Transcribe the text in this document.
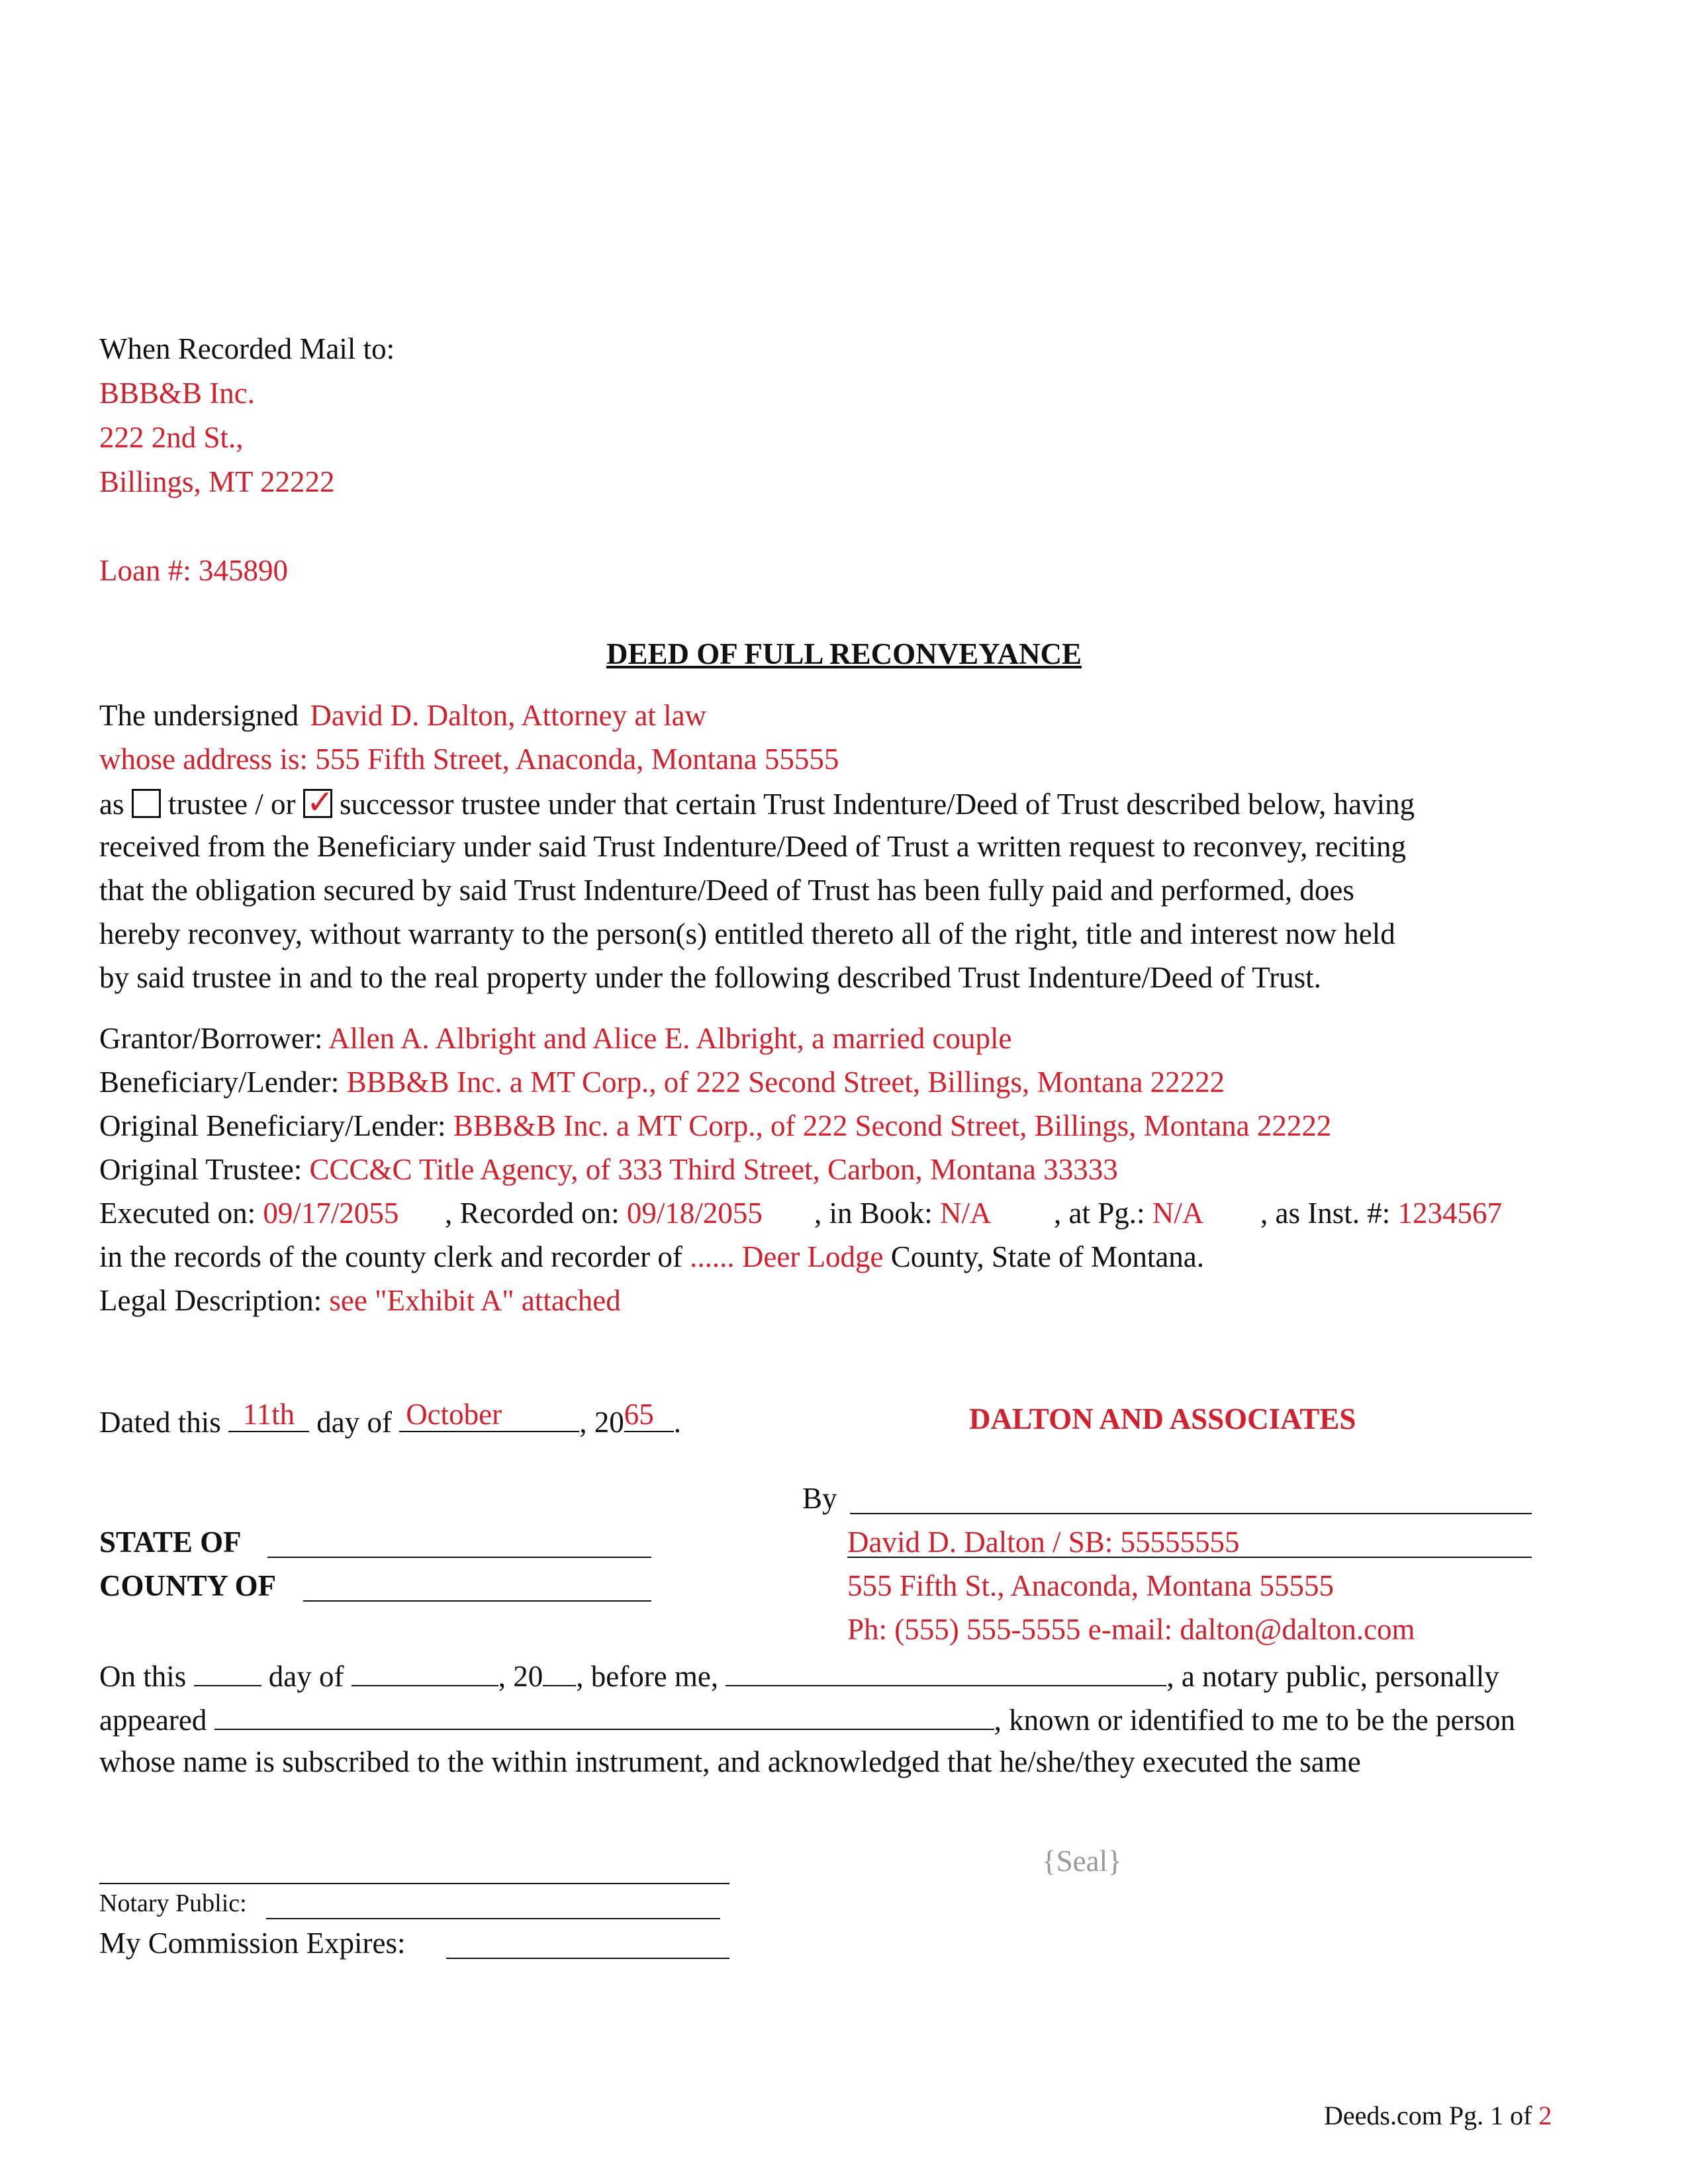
When Recorded Mail to:
BBB&B Inc.
222 2nd St.,
Billings, MT 22222
Loan #: 345890
DEED OF FULL RECONVEYANCE
The undersigned David D. Dalton, Attorney at law
whose address is: 555 Fifth Street, Anaconda, Montana 55555
as trustee / or ✓ successor trustee under that certain Trust Indenture/Deed of Trust described below, having
received from the Beneficiary under said Trust Indenture/Deed of Trust a written request to reconvey, reciting
that the obligation secured by said Trust Indenture/Deed of Trust has been fully paid and performed, does
hereby reconvey, without warranty to the person(s) entitled thereto all of the right, title and interest now held
by said trustee in and to the real property under the following described Trust Indenture/Deed of Trust.
Grantor/Borrower: Allen A. Albright and Alice E. Albright, a married couple
Beneficiary/Lender: BBB&B Inc. a MT Corp., of 222 Second Street, Billings, Montana 22222
Original Beneficiary/Lender: BBB&B Inc. a MT Corp., of 222 Second Street, Billings, Montana 22222
Original Trustee: CCC&C Title Agency, of 333 Third Street, Carbon, Montana 33333
Executed on: 09/17/2055 , Recorded on: 09/18/2055 , in Book: N/A , at Pg.: N/A , as Inst. #: 1234567
in the records of the county clerk and recorder of ...... Deer Lodge County, State of Montana.
Legal Description: see "Exhibit A" attached
Dated this 11th day of October	, 20 65 .	DALTON AND ASSOCIATES
By
David D. Dalton / SB: 55555555
555 Fifth St., Anaconda, Montana 55555
Ph: (555) 555-5555 e-mail: dalton@dalton.com
STATE OF
COUNTY OF
On this	day of	, 20 , before me,	, a notary public, personally
appeared	, known or identified to me to be the person
whose name is subscribed to the within instrument, and acknowledged that he/she/they executed the same
{Seal}
Notary Public:
My Commission Expires:
Deeds.com Pg. 1 of 2
